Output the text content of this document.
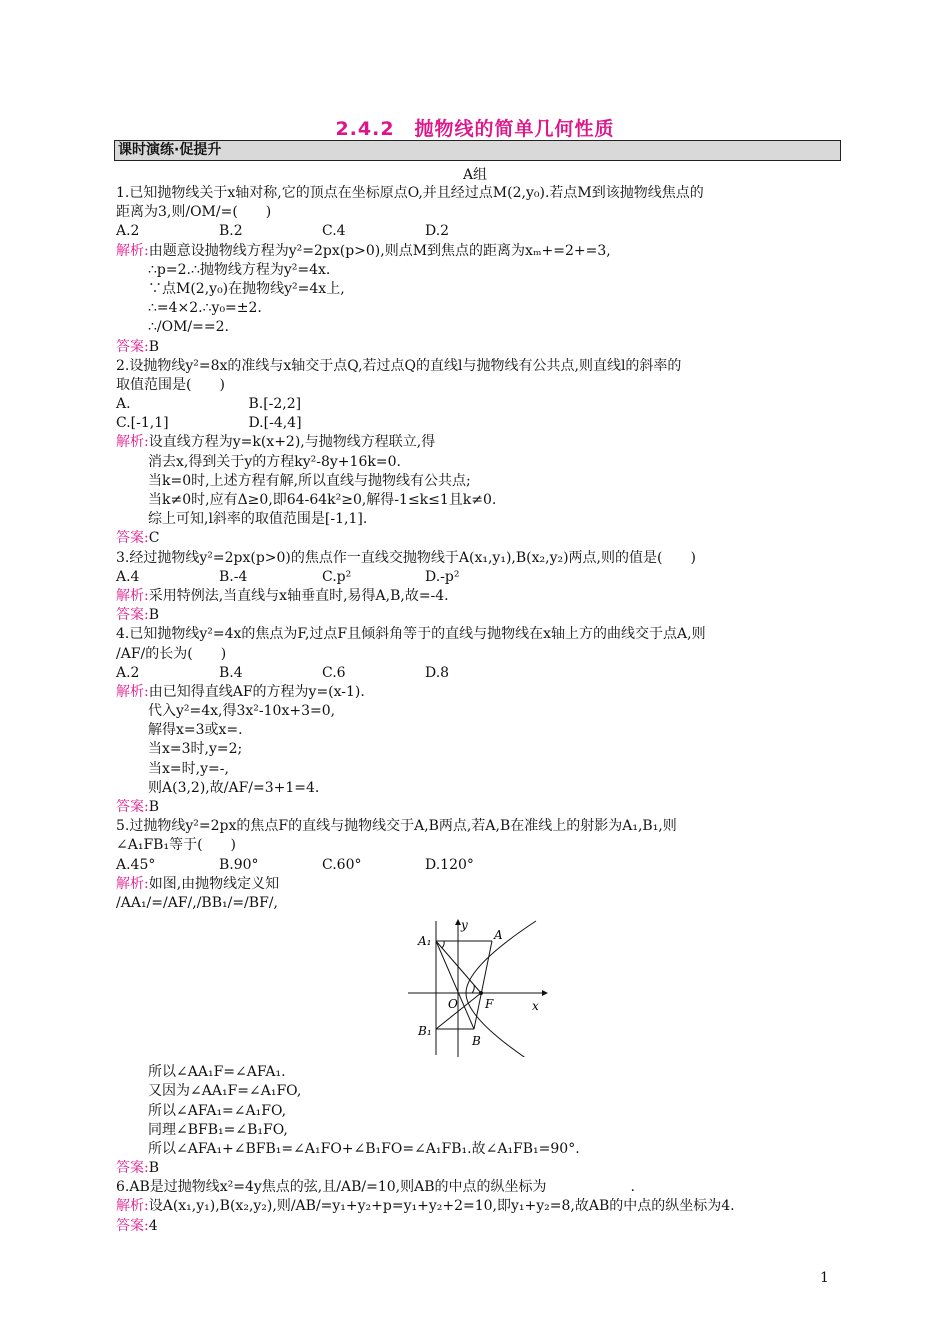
2.4.2　抛物线的简单几何性质
课时演练·促提升
A组
1.已知抛物线关于x轴对称,它的顶点在坐标原点O,并且经过点M(2,y₀).若点M到该抛物线焦点的
距离为3,则/OM/=(　　)
A.2	B.2	C.4	D.2
解析:由题意设抛物线方程为y²=2px(p>0),则点M到焦点的距离为xₘ+=2+=3,
∴p=2.∴抛物线方程为y²=4x.
∵点M(2,y₀)在抛物线y²=4x上,
∴=4×2.∴y₀=±2.
∴/OM/==2.
答案:B
2.设抛物线y²=8x的准线与x轴交于点Q,若过点Q的直线l与抛物线有公共点,则直线l的斜率的
取值范围是(　　)
A.	B.[-2,2]
C.[-1,1]	D.[-4,4]
解析:设直线方程为y=k(x+2),与抛物线方程联立,得
消去x,得到关于y的方程ky²-8y+16k=0.
当k=0时,上述方程有解,所以直线与抛物线有公共点;
当k≠0时,应有Δ≥0,即64-64k²≥0,解得-1≤k≤1且k≠0.
综上可知,l斜率的取值范围是[-1,1].
答案:C
3.经过抛物线y²=2px(p>0)的焦点作一直线交抛物线于A(x₁,y₁),B(x₂,y₂)两点,则的值是(　　)
A.4	B.-4	C.p²	D.-p²
解析:采用特例法,当直线与x轴垂直时,易得A,B,故=-4.
答案:B
4.已知抛物线y²=4x的焦点为F,过点F且倾斜角等于的直线与抛物线在x轴上方的曲线交于点A,则
/AF/的长为(　　)
A.2	B.4	C.6	D.8
解析:由已知得直线AF的方程为y=(x-1).
代入y²=4x,得3x²-10x+3=0,
解得x=3或x=.
当x=3时,y=2;
当x=时,y=-,
则A(3,2),故/AF/=3+1=4.
答案:B
5.过抛物线y²=2px的焦点F的直线与抛物线交于A,B两点,若A,B在准线上的射影为A₁,B₁,则
∠A₁FB₁等于(　　)
A.45°	B.90°	C.60°	D.120°
解析:如图,由抛物线定义知
/AA₁/=/AF/,/BB₁/=/BF/,
y
x
O F
A
B
A₁
B₁
所以∠AA₁F=∠AFA₁.
又因为∠AA₁F=∠A₁FO,
所以∠AFA₁=∠A₁FO,
同理∠BFB₁=∠B₁FO,
所以∠AFA₁+∠BFB₁=∠A₁FO+∠B₁FO=∠A₁FB₁.故∠A₁FB₁=90°.
答案:B
6.AB是过抛物线x²=4y焦点的弦,且/AB/=10,则AB的中点的纵坐标为　　　　　　.
解析:设A(x₁,y₁),B(x₂,y₂),则/AB/=y₁+y₂+p=y₁+y₂+2=10,即y₁+y₂=8,故AB的中点的纵坐标为4.
答案:4
1
